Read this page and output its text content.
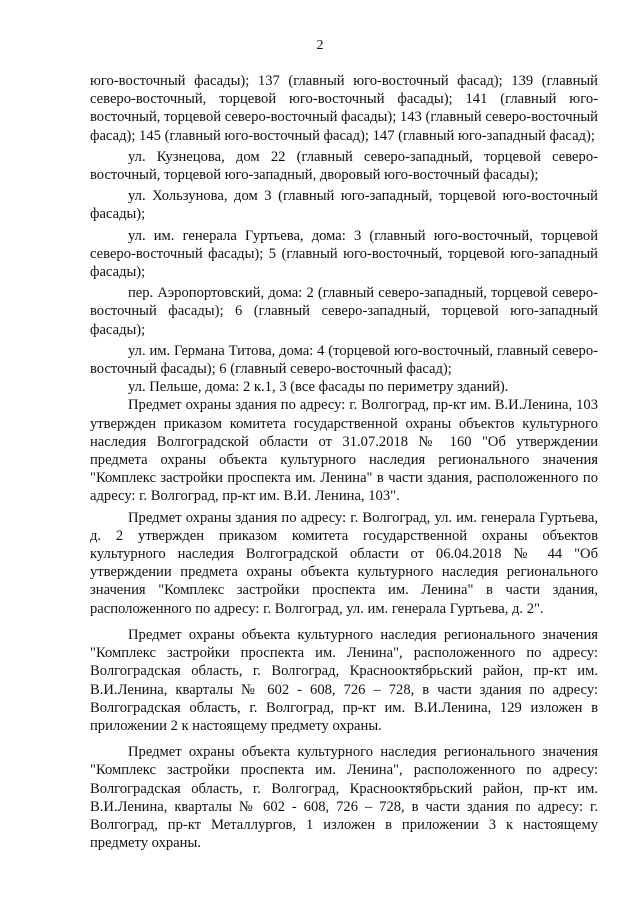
2

юго-восточный фасады); 137 (главный юго-восточный фасад); 139 (главный северо-восточный, торцевой юго-восточный фасады); 141 (главный юго-восточный, торцевой северо-восточный фасады); 143 (главный северо-восточный фасад); 145 (главный юго-восточный фасад); 147 (главный юго-западный фасад);

ул. Кузнецова, дом 22 (главный северо-западный, торцевой северо-восточный, торцевой юго-западный, дворовый юго-восточный фасады);

ул. Хользунова, дом 3 (главный юго-западный, торцевой юго-восточный фасады);

ул. им. генерала Гуртьева, дома: 3 (главный юго-восточный, торцевой северо-восточный фасады); 5 (главный юго-восточный, торцевой юго-западный фасады);

пер. Аэропортовский, дома: 2 (главный северо-западный, торцевой северо-восточный фасады); 6 (главный северо-западный, торцевой юго-западный фасады);

ул. им. Германа Титова, дома: 4 (торцевой юго-восточный, главный северо-восточный фасады); 6 (главный северо-восточный фасад);

ул. Пельше, дома: 2 к.1, 3 (все фасады по периметру зданий).

Предмет охраны здания по адресу: г. Волгоград, пр-кт им. В.И.Ленина, 103 утвержден приказом комитета государственной охраны объектов культурного наследия Волгоградской области от 31.07.2018 № 160 "Об утверждении предмета охраны объекта культурного наследия регионального значения "Комплекс застройки проспекта им. Ленина" в части здания, расположенного по адресу: г. Волгоград, пр-кт им. В.И. Ленина, 103".

Предмет охраны здания по адресу: г. Волгоград, ул. им. генерала Гуртьева, д. 2 утвержден приказом комитета государственной охраны объектов культурного наследия Волгоградской области от 06.04.2018 № 44 "Об утверждении предмета охраны объекта культурного наследия регионального значения "Комплекс застройки проспекта им. Ленина" в части здания, расположенного по адресу: г. Волгоград, ул. им. генерала Гуртьева, д. 2".

Предмет охраны объекта культурного наследия регионального значения "Комплекс застройки проспекта им. Ленина", расположенного по адресу: Волгоградская область, г. Волгоград, Краснооктябрьский район, пр-кт им. В.И.Ленина, кварталы № 602 - 608, 726 – 728, в части здания по адресу: Волгоградская область, г. Волгоград, пр-кт им. В.И.Ленина, 129 изложен в приложении 2 к настоящему предмету охраны.

Предмет охраны объекта культурного наследия регионального значения "Комплекс застройки проспекта им. Ленина", расположенного по адресу: Волгоградская область, г. Волгоград, Краснооктябрьский район, пр-кт им. В.И.Ленина, кварталы № 602 - 608, 726 – 728, в части здания по адресу: г. Волгоград, пр-кт Металлургов, 1 изложен в приложении 3 к настоящему предмету охраны.
